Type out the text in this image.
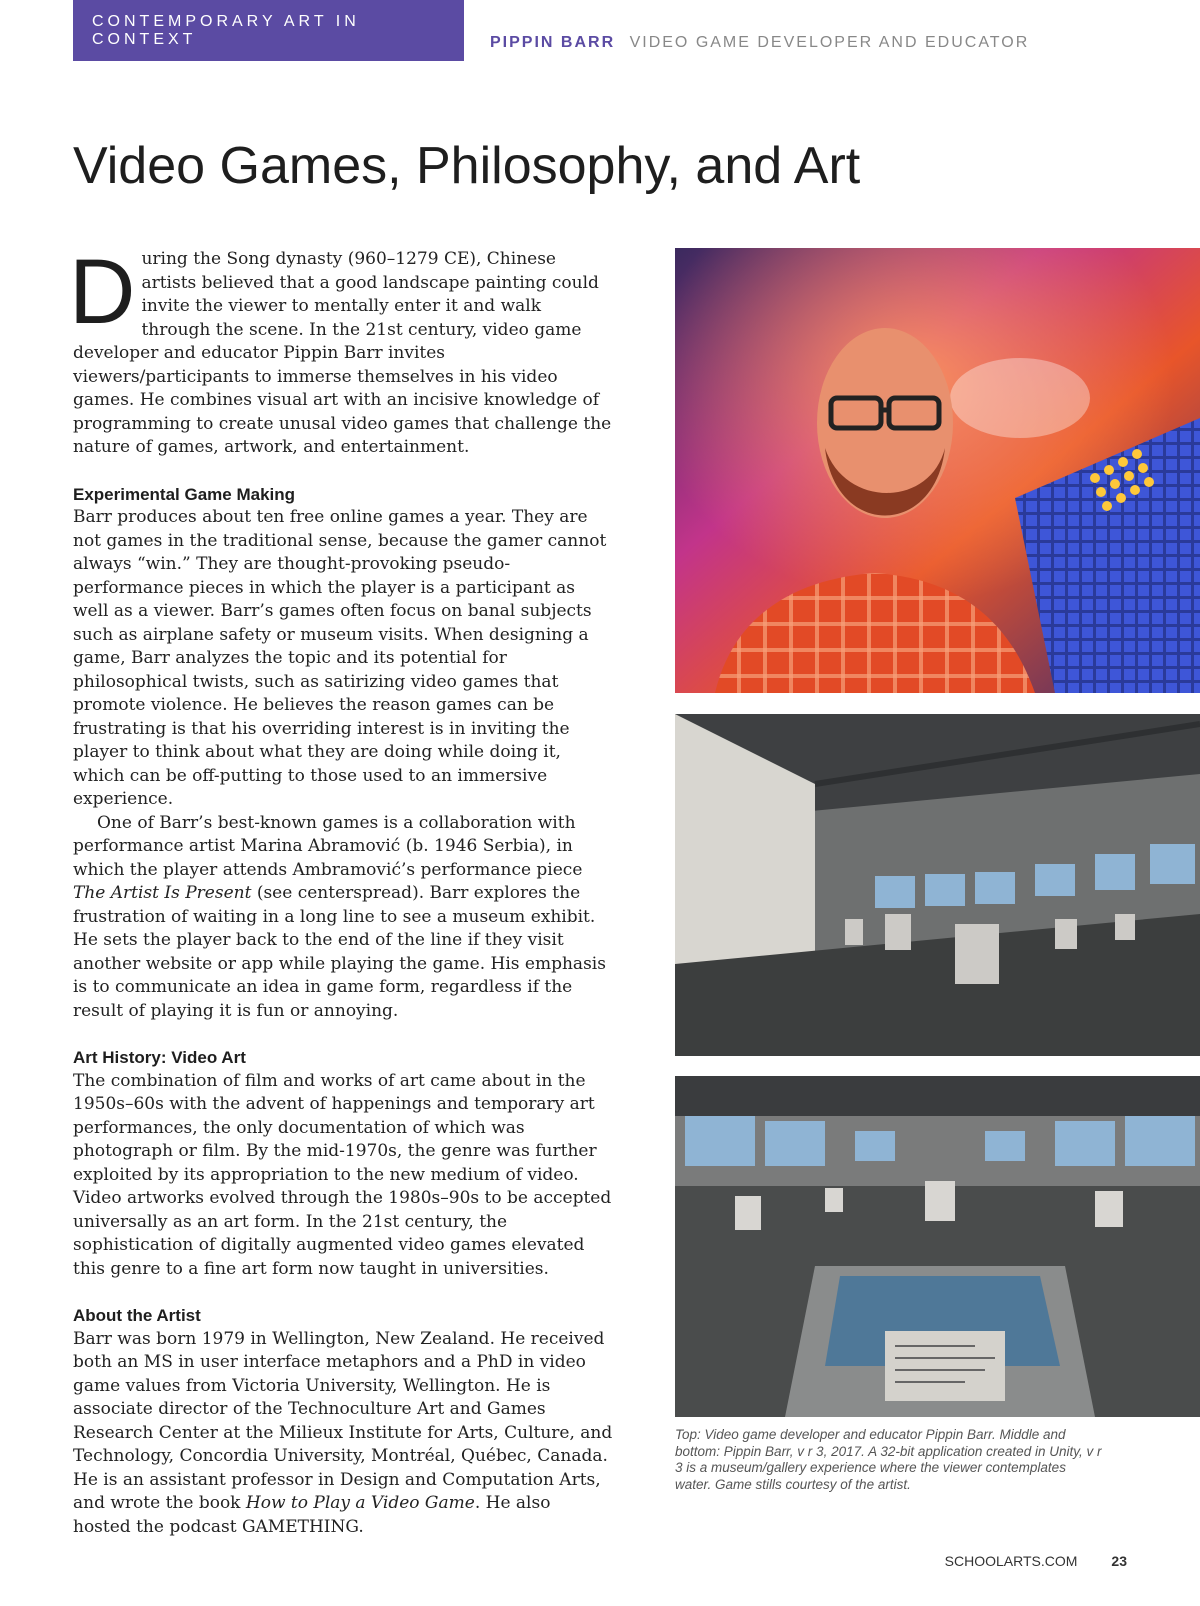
CONTEMPORARY ART IN CONTEXT	PIPPIN BARR VIDEO GAME DEVELOPER AND EDUCATOR
Video Games, Philosophy, and Art

During the Song dynasty (960–1279 CE), Chinese artists believed that a good landscape painting could invite the viewer to mentally enter it and walk through the scene. In the 21st century, video game developer and educator Pippin Barr invites viewers/participants to immerse themselves in his video games. He combines visual art with an incisive knowledge of programming to create unusal video games that challenge the nature of games, artwork, and entertainment.

Experimental Game Making

Barr produces about ten free online games a year. They are not games in the traditional sense, because the gamer cannot always “win.” They are thought-provoking pseudo-performance pieces in which the player is a participant as well as a viewer. Barr’s games often focus on banal subjects such as airplane safety or museum visits. When designing a game, Barr analyzes the topic and its potential for philosophical twists, such as satirizing video games that promote violence. He believes the reason games can be frustrating is that his overriding interest is in inviting the player to think about what they are doing while doing it, which can be off-putting to those used to an immersive experience.

One of Barr’s best-known games is a collaboration with performance artist Marina Abramović (b. 1946 Serbia), in which the player attends Ambramović’s performance piece The Artist Is Present (see centerspread). Barr explores the frustration of waiting in a long line to see a museum exhibit. He sets the player back to the end of the line if they visit another website or app while playing the game. His emphasis is to communicate an idea in game form, regardless if the result of playing it is fun or annoying.

Art History: Video Art

The combination of film and works of art came about in the 1950s–60s with the advent of happenings and temporary art performances, the only documentation of which was photograph or film. By the mid-1970s, the genre was further exploited by its appropriation to the new medium of video. Video artworks evolved through the 1980s–90s to be accepted universally as an art form. In the 21st century, the sophistication of digitally augmented video games elevated this genre to a fine art form now taught in universities.

About the Artist

Barr was born 1979 in Wellington, New Zealand. He received both an MS in user interface metaphors and a PhD in video game values from Victoria University, Wellington. He is associate director of the Technoculture Art and Games Research Center at the Milieux Institute for Arts, Culture, and Technology, Concordia University, Montréal, Québec, Canada. He is an assistant professor in Design and Computation Arts, and wrote the book How to Play a Video Game. He also hosted the podcast GAMETHING.

Top: Video game developer and educator Pippin Barr. Middle and bottom: Pippin Barr, v r 3, 2017. A 32-bit application created in Unity, v r 3 is a museum/gallery experience where the viewer contemplates water. Game stills courtesy of the artist.
SCHOOLARTS.COM 23
